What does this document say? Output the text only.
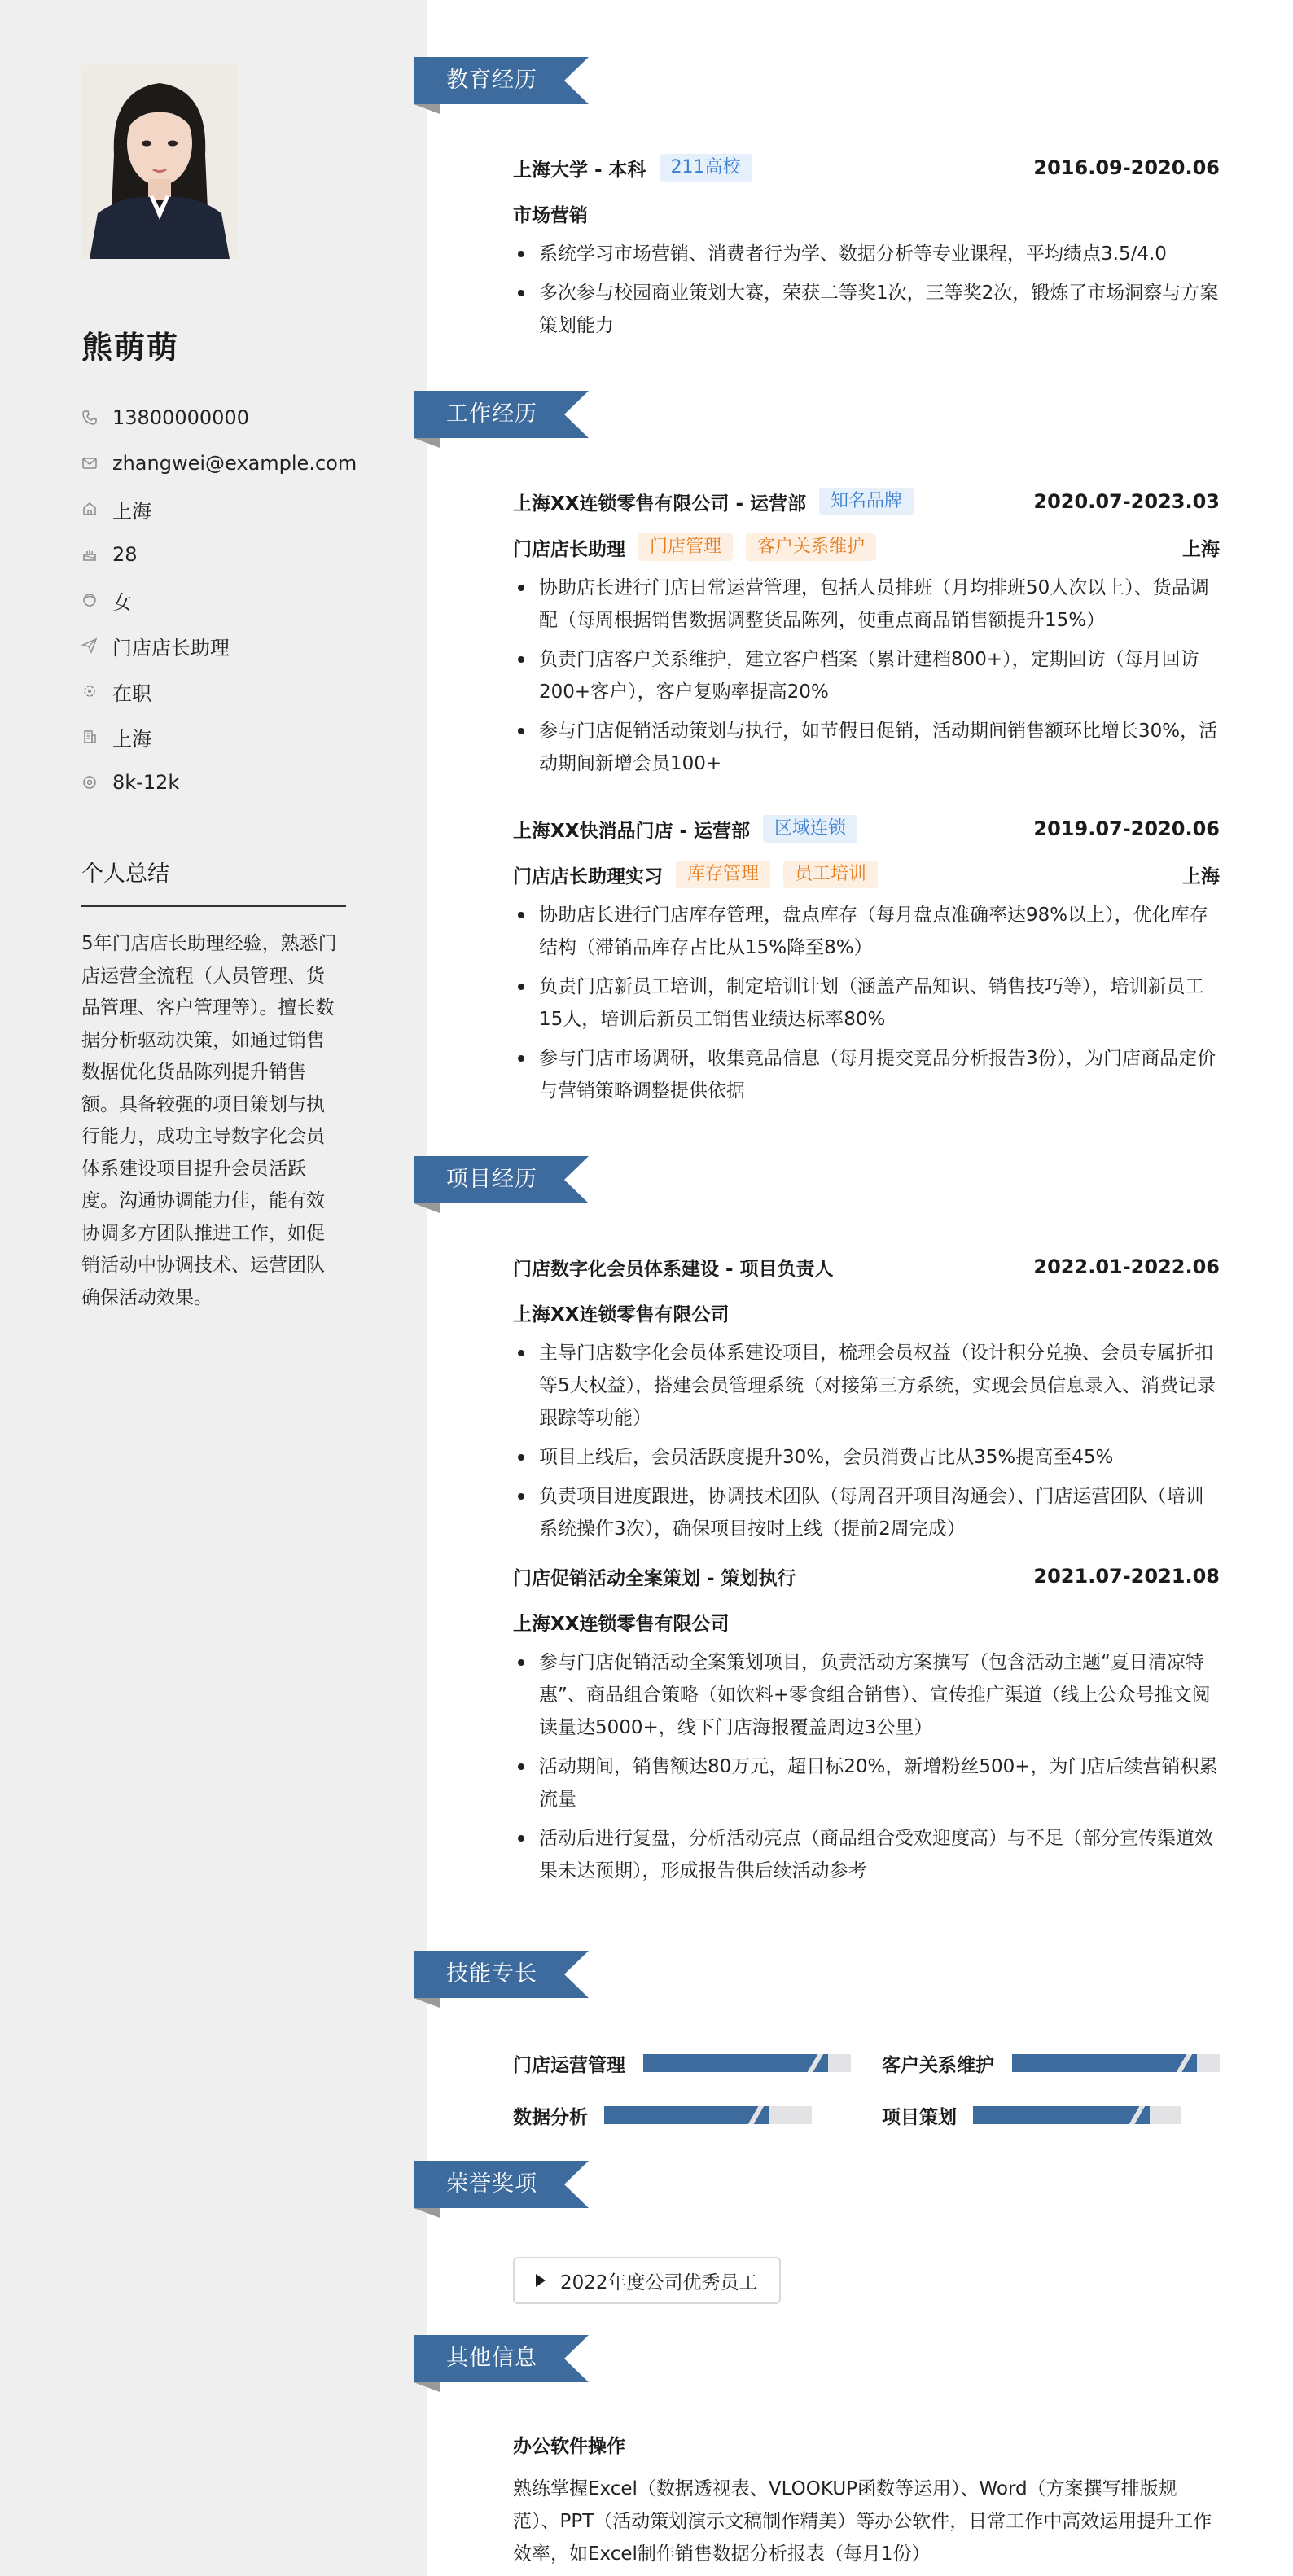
熊萌萌
13800000000
zhangwei@example.com
上海
28
女
门店店长助理
在职
上海
8k-12k
个人总结
5年门店店长助理经验，熟悉门
店运营全流程（人员管理、货
品管理、客户管理等）。擅长数
据分析驱动决策，如通过销售
数据优化货品陈列提升销售
额。具备较强的项目策划与执
行能力，成功主导数字化会员
体系建设项目提升会员活跃
度。沟通协调能力佳，能有效
协调多方团队推进工作，如促
销活动中协调技术、运营团队
确保活动效果。
教育经历
上海大学 - 本科	211高校	2016.09-2020.06
市场营销
系统学习市场营销、消费者行为学、数据分析等专业课程，平均绩点3.5/4.0
多次参与校园商业策划大赛，荣获二等奖1次，三等奖2次，锻炼了市场洞察与方案策划能力
工作经历
上海XX连锁零售有限公司 - 运营部	知名品牌	2020.07-2023.03
门店店长助理	门店管理	客户关系维护	上海
协助店长进行门店日常运营管理，包括人员排班（月均排班50人次以上）、货品调配（每周根据销售数据调整货品陈列，使重点商品销售额提升15%）
负责门店客户关系维护，建立客户档案（累计建档800+），定期回访（每月回访200+客户），客户复购率提高20%
参与门店促销活动策划与执行，如节假日促销，活动期间销售额环比增长30%，活动期间新增会员100+
上海XX快消品门店 - 运营部	区域连锁	2019.07-2020.06
门店店长助理实习	库存管理	员工培训	上海
协助店长进行门店库存管理，盘点库存（每月盘点准确率达98%以上），优化库存结构（滞销品库存占比从15%降至8%）
负责门店新员工培训，制定培训计划（涵盖产品知识、销售技巧等），培训新员工15人，培训后新员工销售业绩达标率80%
参与门店市场调研，收集竞品信息（每月提交竞品分析报告3份），为门店商品定价与营销策略调整提供依据
项目经历
门店数字化会员体系建设 - 项目负责人	2022.01-2022.06
上海XX连锁零售有限公司
主导门店数字化会员体系建设项目，梳理会员权益（设计积分兑换、会员专属折扣等5大权益），搭建会员管理系统（对接第三方系统，实现会员信息录入、消费记录跟踪等功能）
项目上线后，会员活跃度提升30%，会员消费占比从35%提高至45%
负责项目进度跟进，协调技术团队（每周召开项目沟通会）、门店运营团队（培训系统操作3次），确保项目按时上线（提前2周完成）
门店促销活动全案策划 - 策划执行	2021.07-2021.08
上海XX连锁零售有限公司
参与门店促销活动全案策划项目，负责活动方案撰写（包含活动主题“夏日清凉特惠”、商品组合策略（如饮料+零食组合销售）、宣传推广渠道（线上公众号推文阅读量达5000+，线下门店海报覆盖周边3公里）
活动期间，销售额达80万元，超目标20%，新增粉丝500+，为门店后续营销积累流量
活动后进行复盘，分析活动亮点（商品组合受欢迎度高）与不足（部分宣传渠道效果未达预期），形成报告供后续活动参考
技能专长
门店运营管理	客户关系维护
数据分析	项目策划
荣誉奖项
2022年度公司优秀员工
其他信息
办公软件操作
熟练掌握Excel（数据透视表、VLOOKUP函数等运用）、Word（方案撰写排版规范）、PPT（活动策划演示文稿制作精美）等办公软件，日常工作中高效运用提升工作效率，如Excel制作销售数据分析报表（每月1份）
